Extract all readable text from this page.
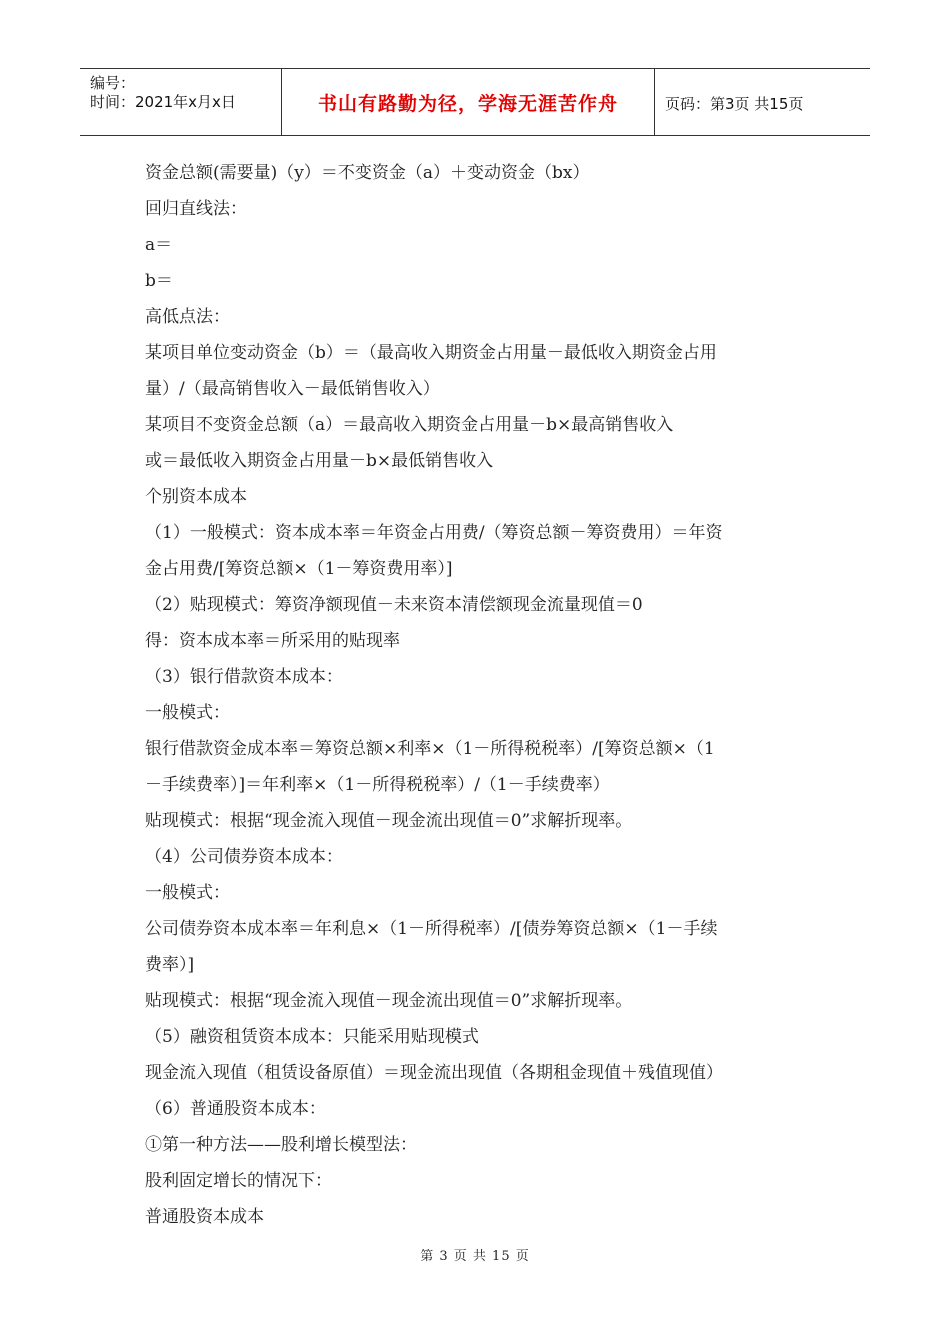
编号：
时间：2021年x月x日	书山有路勤为径，学海无涯苦作舟	页码：第3页 共15页
资金总额(需要量)（y）＝不变资金（a）＋变动资金（bx）
回归直线法：
a＝
b＝
高低点法：
某项目单位变动资金（b）＝（最高收入期资金占用量－最低收入期资金占用
量）/（最高销售收入－最低销售收入）
某项目不变资金总额（a）＝最高收入期资金占用量－b×最高销售收入
或＝最低收入期资金占用量－b×最低销售收入
个别资本成本
（1）一般模式：资本成本率＝年资金占用费/（筹资总额－筹资费用）＝年资
金占用费/[筹资总额×（1－筹资费用率）]
（2）贴现模式：筹资净额现值－未来资本清偿额现金流量现值＝0
得：资本成本率＝所采用的贴现率
（3）银行借款资本成本：
一般模式：
银行借款资金成本率＝筹资总额×利率×（1－所得税税率）/[筹资总额×（1
－手续费率）]＝年利率×（1－所得税税率）/（1－手续费率）
贴现模式：根据“现金流入现值－现金流出现值＝0”求解折现率。
（4）公司债券资本成本：
一般模式：
公司债券资本成本率＝年利息×（1－所得税率）/[债券筹资总额×（1－手续
费率）]
贴现模式：根据“现金流入现值－现金流出现值＝0”求解折现率。
（5）融资租赁资本成本：只能采用贴现模式
现金流入现值（租赁设备原值）＝现金流出现值（各期租金现值＋残值现值）
（6）普通股资本成本：
①第一种方法——股利增长模型法：
股利固定增长的情况下：
普通股资本成本
第 3 页 共 15 页
